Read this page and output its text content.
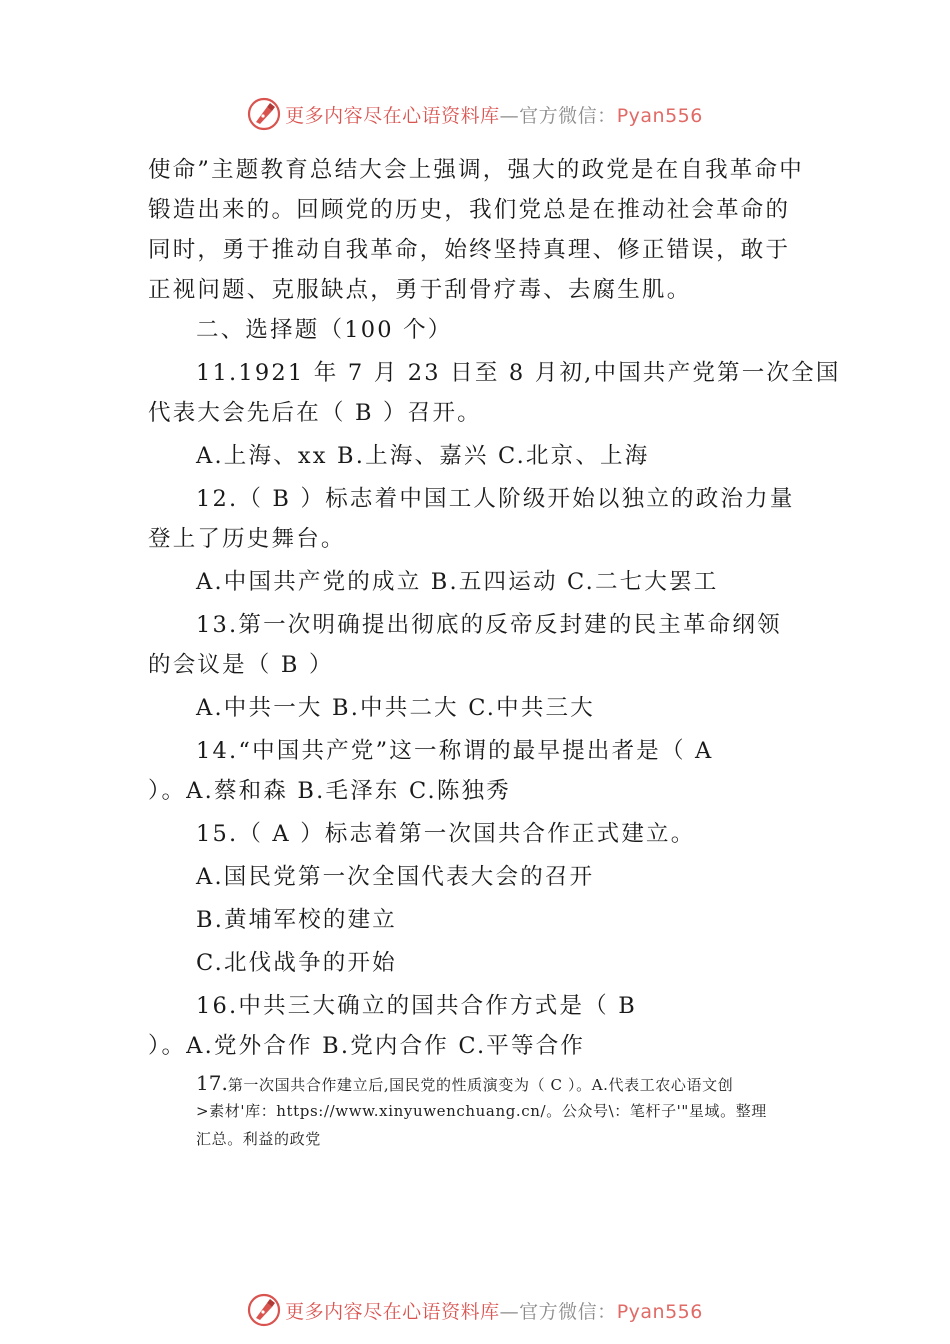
更多内容尽在心语资料库—官方微信：Pyan556
使命”主题教育总结大会上强调，强大的政党是在自我革命中
锻造出来的。回顾党的历史，我们党总是在推动社会革命的
同时，勇于推动自我革命，始终坚持真理、修正错误，敢于
正视问题、克服缺点，勇于刮骨疗毒、去腐生肌。
二、选择题（100 个）
11.1921 年 7 月 23 日至 8 月初,中国共产党第一次全国
代表大会先后在（ B ）召开。
A.上海、xx B.上海、嘉兴 C.北京、上海
12.（ B ）标志着中国工人阶级开始以独立的政治力量
登上了历史舞台。
A.中国共产党的成立 B.五四运动 C.二七大罢工
13.第一次明确提出彻底的反帝反封建的民主革命纲领
的会议是（ B ）
A.中共一大 B.中共二大 C.中共三大
14.“中国共产党”这一称谓的最早提出者是（ A
）。A.蔡和森 B.毛泽东 C.陈独秀
15.（ A ）标志着第一次国共合作正式建立。
A.国民党第一次全国代表大会的召开
B.黄埔军校的建立
C.北伐战争的开始
16.中共三大确立的国共合作方式是（ B
）。A.党外合作 B.党内合作 C.平等合作
17.第一次国共合作建立后,国民党的性质演变为（ C ）。A.代表工农心语文创
>素材'库：https://www.xinyuwenchuang.cn/。公众号\：笔杆子'"星域。整理
汇总。利益的政党
更多内容尽在心语资料库—官方微信：Pyan556
